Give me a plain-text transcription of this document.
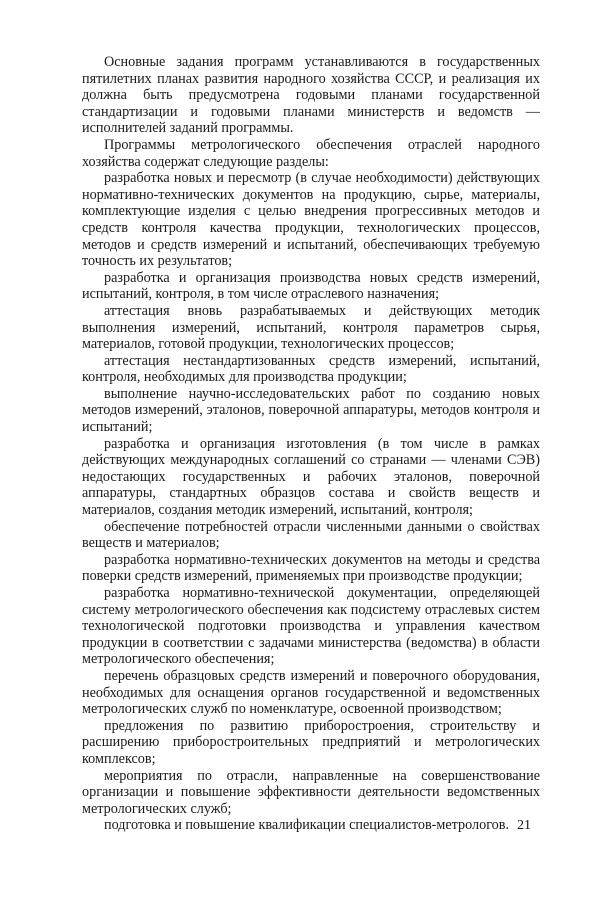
Основные задания программ устанавливаются в государственных пятилетних планах развития народного хозяйства СССР, и реализация их должна быть предусмотрена годовыми планами государственной стандартизации и годовыми планами министерств и ведомств — исполнителей заданий программы.

Программы метрологического обеспечения отраслей народного хозяйства содержат следующие разделы:

разработка новых и пересмотр (в случае необходимости) действующих нормативно-технических документов на продукцию, сырье, материалы, комплектующие изделия с целью внедрения прогрессивных методов и средств контроля качества продукции, технологических процессов, методов и средств измерений и испытаний, обеспечивающих требуемую точность их результатов;

разработка и организация производства новых средств измерений, испытаний, контроля, в том числе отраслевого назначения;

аттестация вновь разрабатываемых и действующих методик выполнения измерений, испытаний, контроля параметров сырья, материалов, готовой продукции, технологических процессов;

аттестация нестандартизованных средств измерений, испытаний, контроля, необходимых для производства продукции;

выполнение научно-исследовательских работ по созданию новых методов измерений, эталонов, поверочной аппаратуры, методов контроля и испытаний;

разработка и организация изготовления (в том числе в рамках действующих международных соглашений со странами — членами СЭВ) недостающих государственных и рабочих эталонов, поверочной аппаратуры, стандартных образцов состава и свойств веществ и материалов, создания методик измерений, испытаний, контроля;

обеспечение потребностей отрасли численными данными о свойствах веществ и материалов;

разработка нормативно-технических документов на методы и средства поверки средств измерений, применяемых при производстве продукции;

разработка нормативно-технической документации, определяющей систему метрологического обеспечения как подсистему отраслевых систем технологической подготовки производства и управления качеством продукции в соответствии с задачами министерства (ведомства) в области метрологического обеспечения;

перечень образцовых средств измерений и поверочного оборудования, необходимых для оснащения органов государственной и ведомственных метрологических служб по номенклатуре, освоенной производством;

предложения по развитию приборостроения, строительству и расширению приборостроительных предприятий и метрологических комплексов;

мероприятия по отрасли, направленные на совершенствование организации и повышение эффективности деятельности ведомственных метрологических служб;

подготовка и повышение квалификации специалистов-метрологов. 21
